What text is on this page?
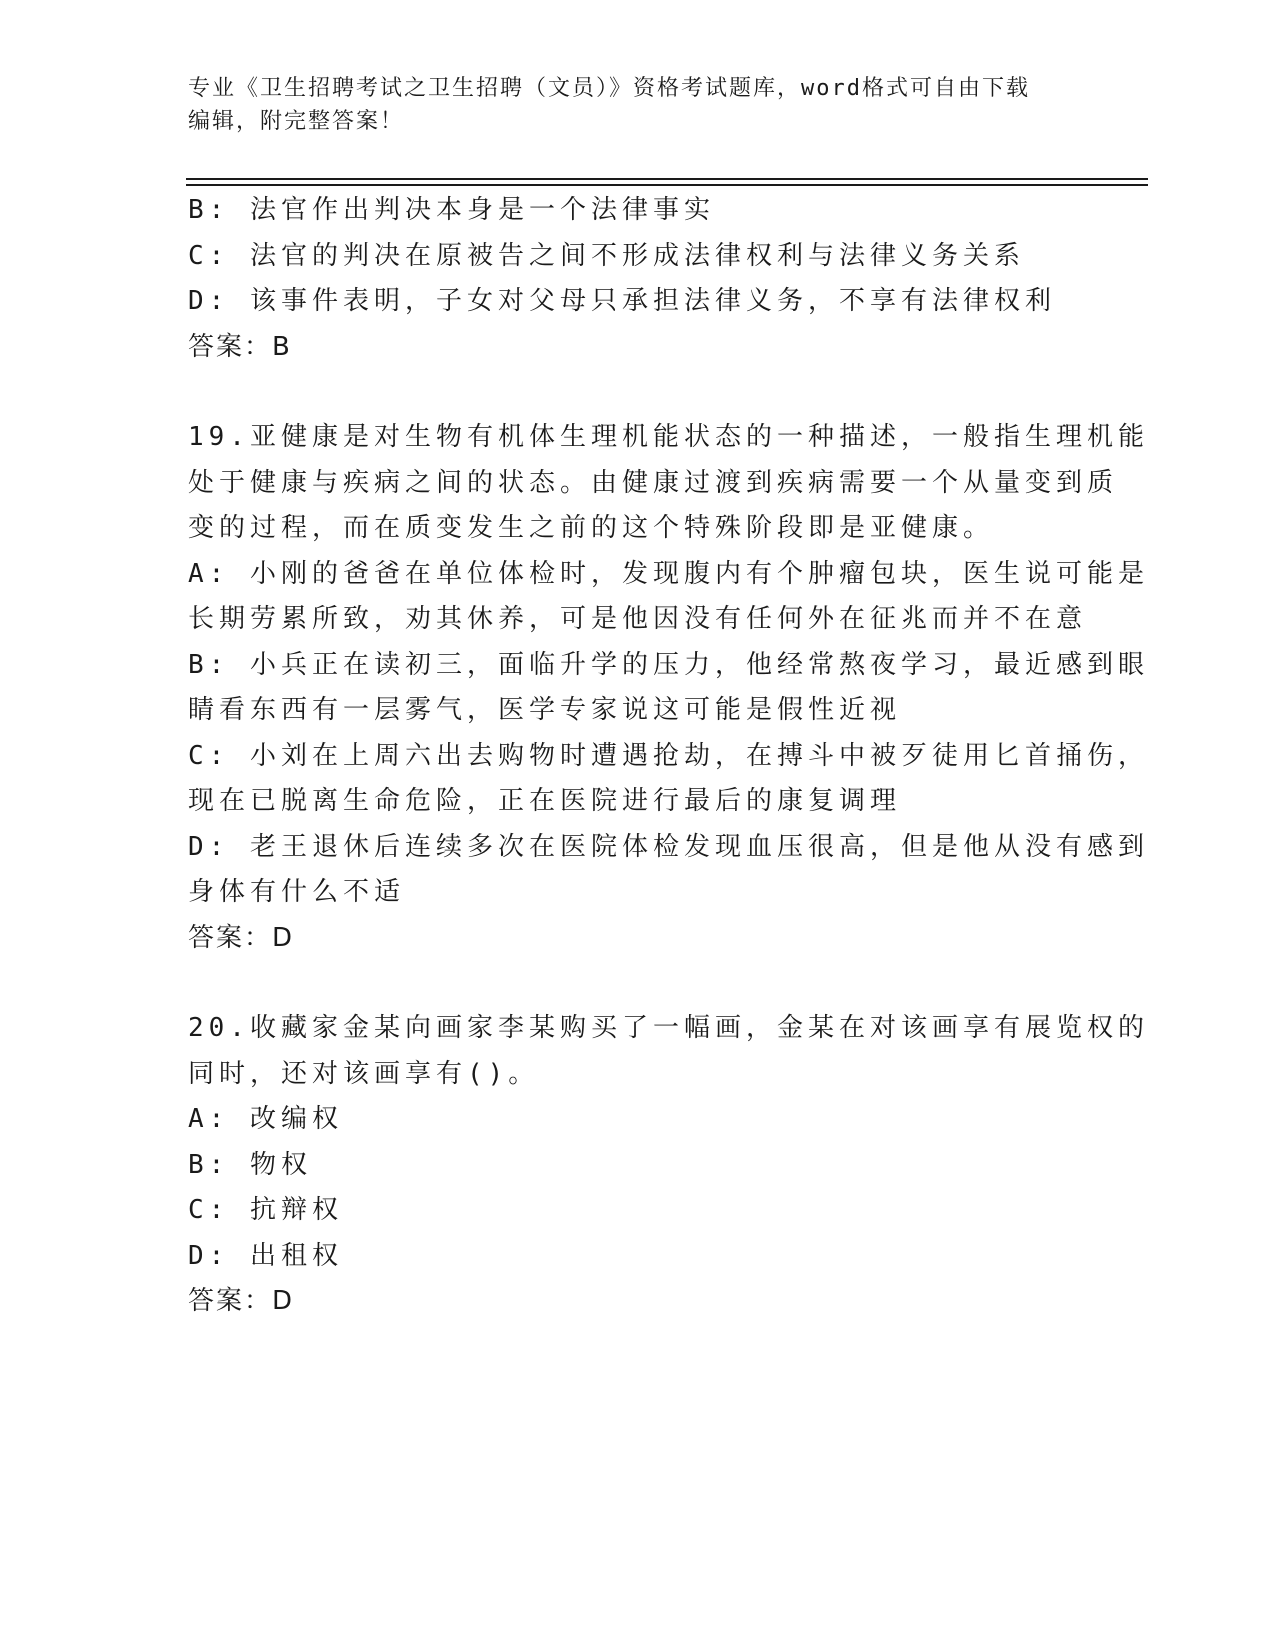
专业《卫生招聘考试之卫生招聘（文员）》资格考试题库，word格式可自由下载
编辑，附完整答案！
B: 法官作出判决本身是一个法律事实
C: 法官的判决在原被告之间不形成法律权利与法律义务关系
D: 该事件表明，子女对父母只承担法律义务，不享有法律权利
答案：B
19.亚健康是对生物有机体生理机能状态的一种描述，一般指生理机能
处于健康与疾病之间的状态。由健康过渡到疾病需要一个从量变到质
变的过程，而在质变发生之前的这个特殊阶段即是亚健康。
A: 小刚的爸爸在单位体检时，发现腹内有个肿瘤包块，医生说可能是
长期劳累所致，劝其休养，可是他因没有任何外在征兆而并不在意
B: 小兵正在读初三，面临升学的压力，他经常熬夜学习，最近感到眼
睛看东西有一层雾气，医学专家说这可能是假性近视
C: 小刘在上周六出去购物时遭遇抢劫，在搏斗中被歹徒用匕首捅伤，
现在已脱离生命危险，正在医院进行最后的康复调理
D: 老王退休后连续多次在医院体检发现血压很高，但是他从没有感到
身体有什么不适
答案：D
20.收藏家金某向画家李某购买了一幅画，金某在对该画享有展览权的
同时，还对该画享有()。
A: 改编权
B: 物权
C: 抗辩权
D: 出租权
答案：D
